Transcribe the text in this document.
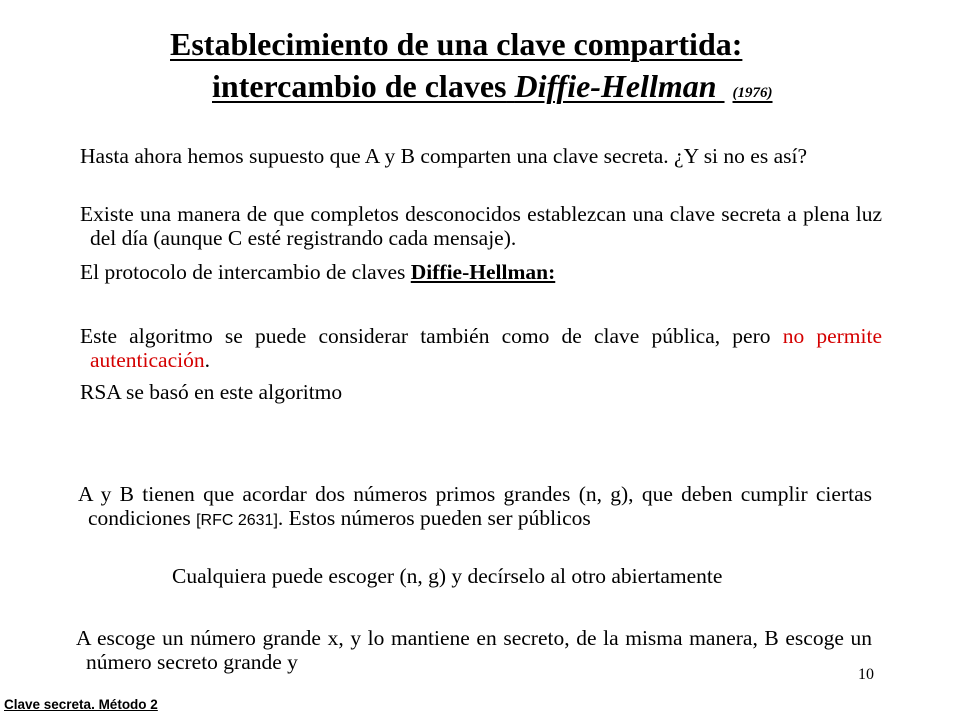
Establecimiento de una clave compartida:
intercambio de claves Diffie-Hellman (1976)
Hasta ahora hemos supuesto que A y B comparten una clave secreta. ¿Y si no es así?
Existe una manera de que completos desconocidos establezcan una clave secreta a plena luz del día (aunque C esté registrando cada mensaje).
El protocolo de intercambio de claves Diffie-Hellman:
Este algoritmo se puede considerar también como de clave pública, pero no permite autenticación.
RSA se basó en este algoritmo
A y B tienen que acordar dos números primos grandes (n, g), que deben cumplir ciertas condiciones [RFC 2631]. Estos números pueden ser públicos
Cualquiera puede escoger (n, g) y decírselo al otro abiertamente
A escoge un número grande x, y lo mantiene en secreto, de la misma manera, B escoge un número secreto grande y
10
Clave secreta. Método 2
